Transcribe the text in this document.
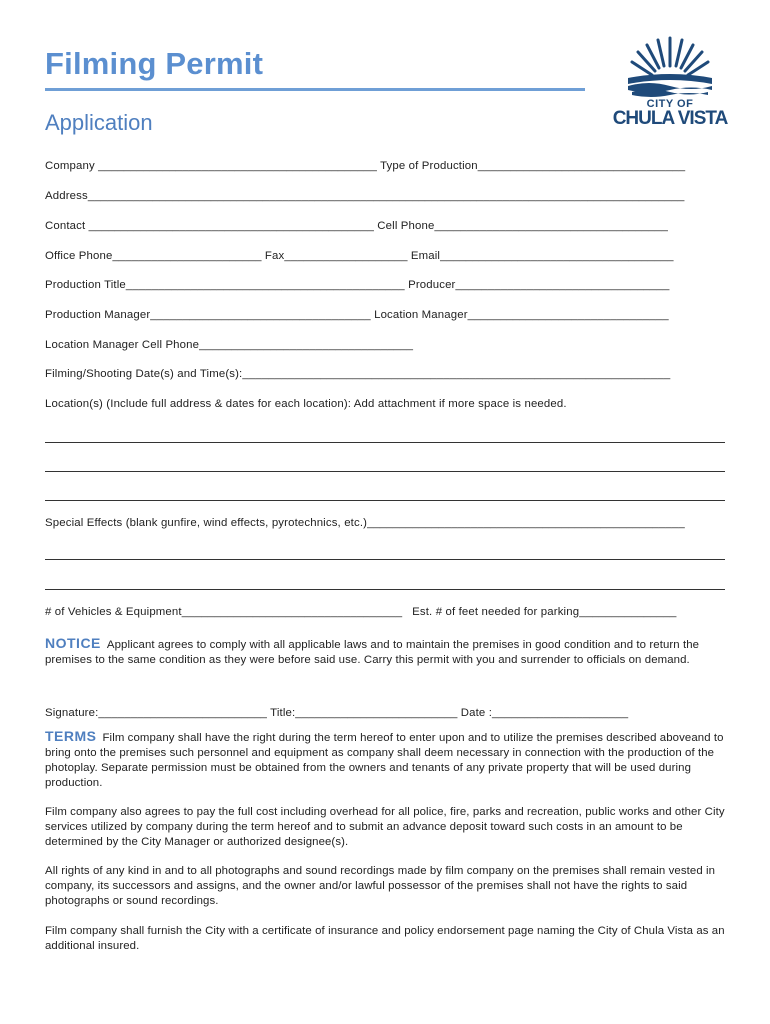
Filming Permit
Application
CITY OF
CHULA VISTA
Company ___________________________________________ Type of Production________________________________
Address____________________________________________________________________________________________
Contact ____________________________________________ Cell Phone____________________________________
Office Phone_______________________ Fax___________________ Email____________________________________
Production Title___________________________________________ Producer_________________________________
Production Manager__________________________________ Location Manager_______________________________
Location Manager Cell Phone_________________________________
Filming/Shooting Date(s) and Time(s):__________________________________________________________________
Location(s) (Include full address & dates for each location): Add attachment if more space is needed.
Special Effects (blank gunfire, wind effects, pyrotechnics, etc.)_________________________________________________
# of Vehicles & Equipment__________________________________   Est. # of feet needed for parking_______________
NOTICE Applicant agrees to comply with all applicable laws and to maintain the premises in good condition and to return the premises to the same condition as they were before said use. Carry this permit with you and surrender to officials on demand.
Signature:__________________________ Title:_________________________ Date :_____________________
TERMS Film company shall have the right during the term hereof to enter upon and to utilize the premises described aboveand to bring onto the premises such personnel and equipment as company shall deem necessary in connection with the production of the photoplay. Separate permission must be obtained from the owners and tenants of any private property that will be used during production.
Film company also agrees to pay the full cost including overhead for all police, fire, parks and recreation, public works and other City services utilized by company during the term hereof and to submit an advance deposit toward such costs in an amount to be determined by the City Manager or authorized designee(s).
All rights of any kind in and to all photographs and sound recordings made by film company on the premises shall remain vested in company, its successors and assigns, and the owner and/or lawful possessor of the premises shall not have the rights to said photographs or sound recordings.
Film company shall furnish the City with a certificate of insurance and policy endorsement page naming the City of Chula Vista as an additional insured.
